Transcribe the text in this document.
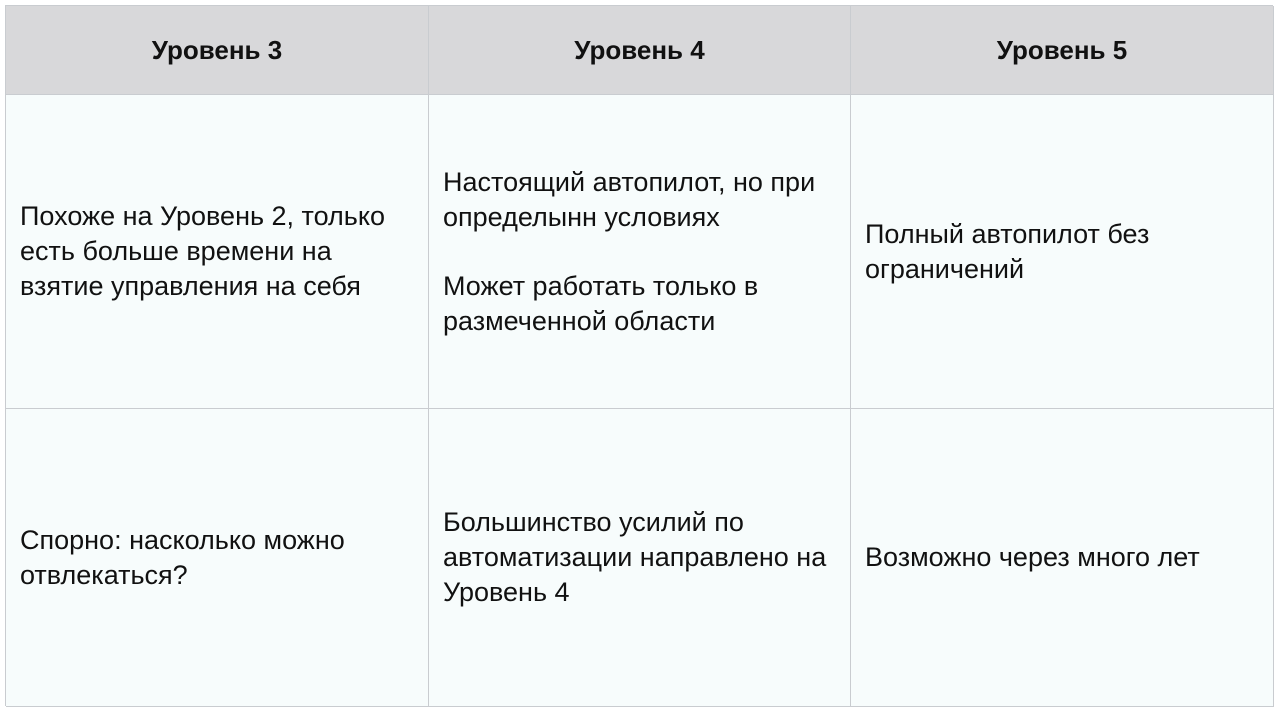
Уровень 3	Уровень 4	Уровень 5

Похоже на Уровень 2, только есть больше времени на взятие управления на себя

Настоящий автопилот, но при определынн условиях

Может работать только в размеченной области

Полный автопилот без ограничений

Спорно: насколько можно отвлекаться?

Большинство усилий по автоматизации направлено на Уровень 4

Возможно через много лет
